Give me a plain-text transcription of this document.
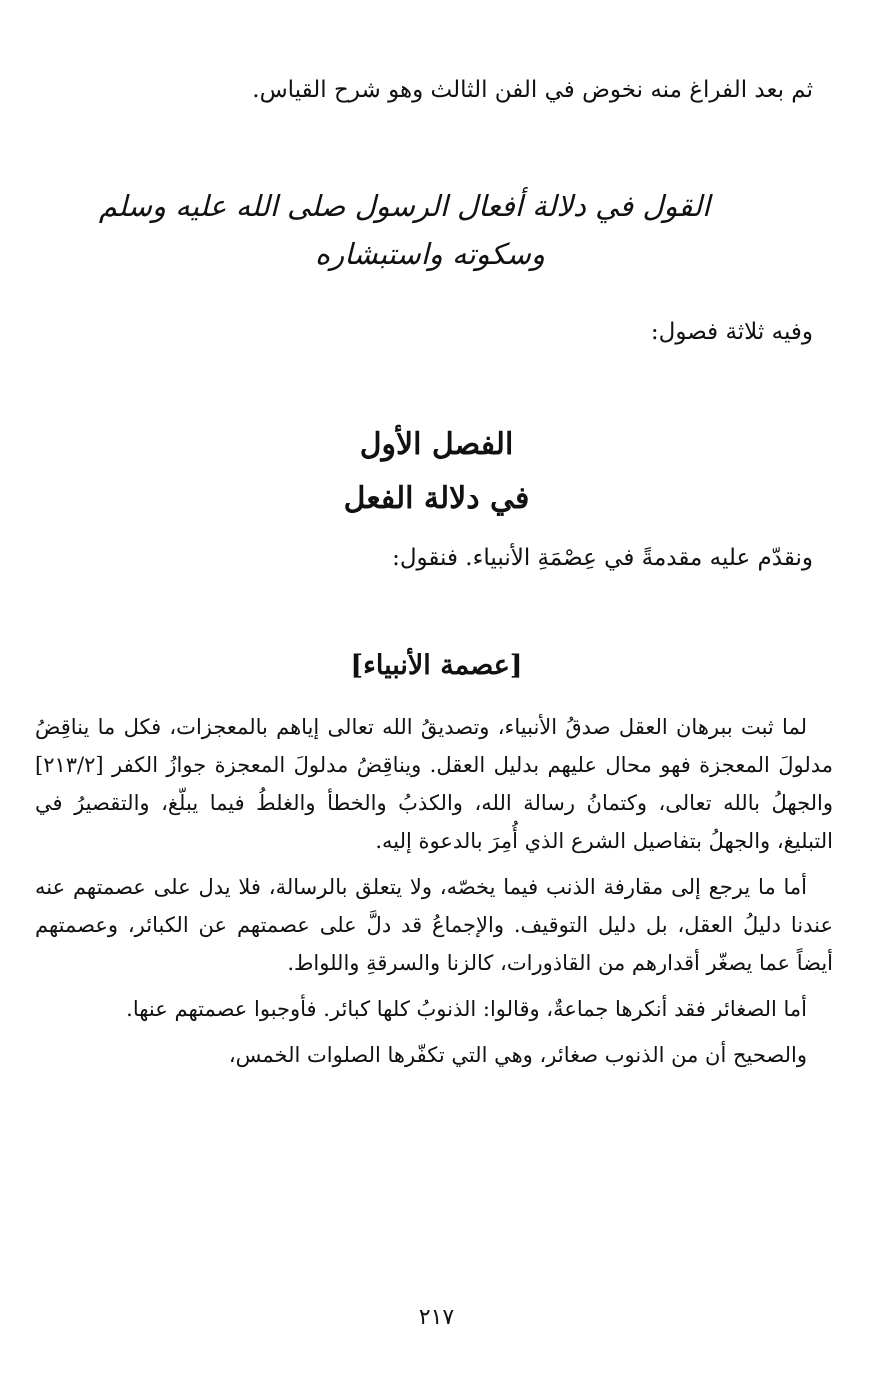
ثم بعد الفراغ منه نخوض في الفن الثالث وهو شرح القياس.
القول في دلالة أفعال الرسول صلى الله عليه وسلم
وسكوته واستبشاره
وفيه ثلاثة فصول:
الفصل الأول
في دلالة الفعل
ونقدّم عليه مقدمةً في عِصْمَةِ الأنبياء. فنقول:
[عصمة الأنبياء]

لما ثبت ببرهان العقل صدقُ الأنبياء، وتصديقُ الله تعالى إياهم بالمعجزات، فكل ما يناقِضُ مدلولَ المعجزة فهو محال عليهم بدليل العقل. ويناقِضُ مدلولَ المعجزة جوازُ الكفر [٢١٣/٢] والجهلُ بالله تعالى، وكتمانُ رسالة الله، والكذبُ والخطأ والغلطُ فيما يبلّغ، والتقصيرُ في التبليغ، والجهلُ بتفاصيل الشرع الذي أُمِرَ بالدعوة إليه.

أما ما يرجع إلى مقارفة الذنب فيما يخصّه، ولا يتعلق بالرسالة، فلا يدل على عصمتهم عنه عندنا دليلُ العقل، بل دليل التوقيف. والإجماعُ قد دلَّ على عصمتهم عن الكبائر، وعصمتهم أيضاً عما يصغّر أقدارهم من القاذورات، كالزنا والسرقةِ واللواط.

أما الصغائر فقد أنكرها جماعةٌ، وقالوا: الذنوبُ كلها كبائر. فأوجبوا عصمتهم عنها.

والصحيح أن من الذنوب صغائر، وهي التي تكفّرها الصلوات الخمس،

٢١٧
